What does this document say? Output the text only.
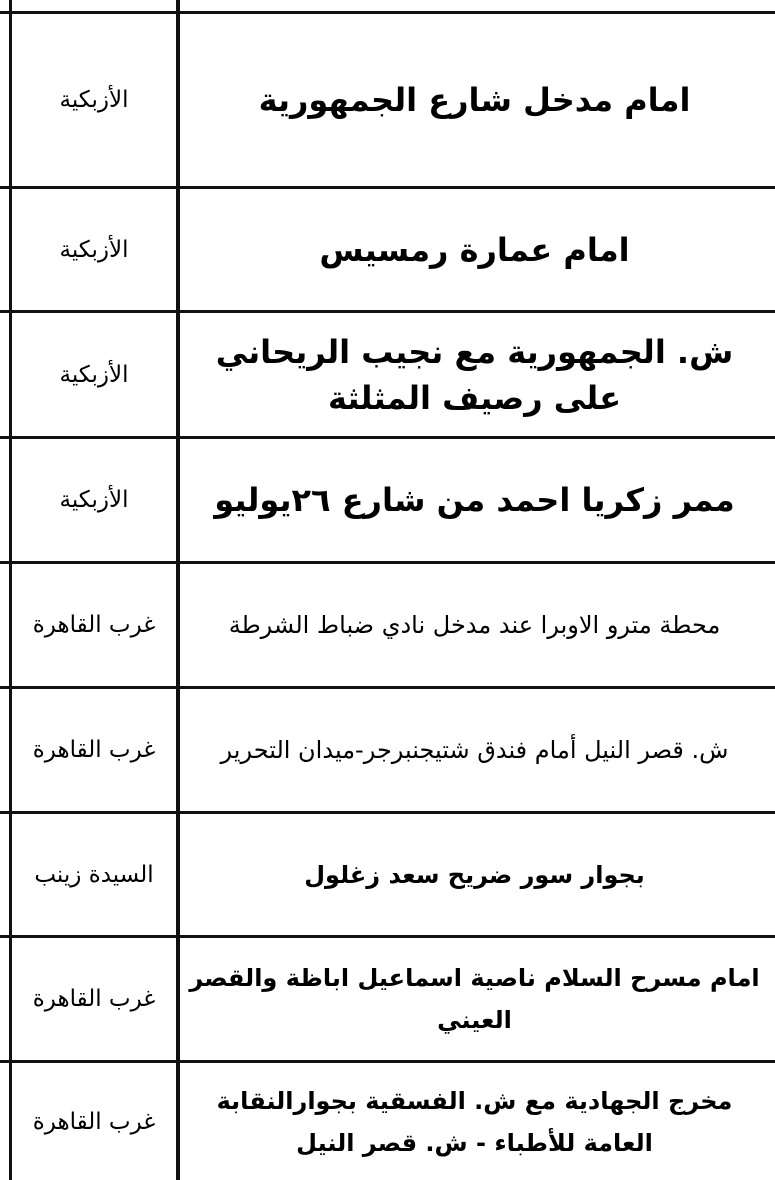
امام مدخل شارع الجمهورية
الأزبكية
امام عمارة رمسيس
الأزبكية
ش. الجمهورية مع نجيب الريحاني على رصيف المثلثة
الأزبكية
ممر زكريا احمد من شارع ٢٦يوليو
الأزبكية
محطة مترو الاوبرا عند مدخل نادي ضباط الشرطة
غرب القاهرة
ش. قصر النيل أمام فندق شتيجنبرجر-ميدان التحرير
غرب القاهرة
بجوار سور ضريح سعد زغلول
السيدة زينب
امام مسرح السلام ناصية اسماعيل اباظة والقصر العيني
غرب القاهرة
مخرج الجهادية مع ش. الفسقية بجوارالنقابة العامة للأطباء - ش. قصر النيل
غرب القاهرة
